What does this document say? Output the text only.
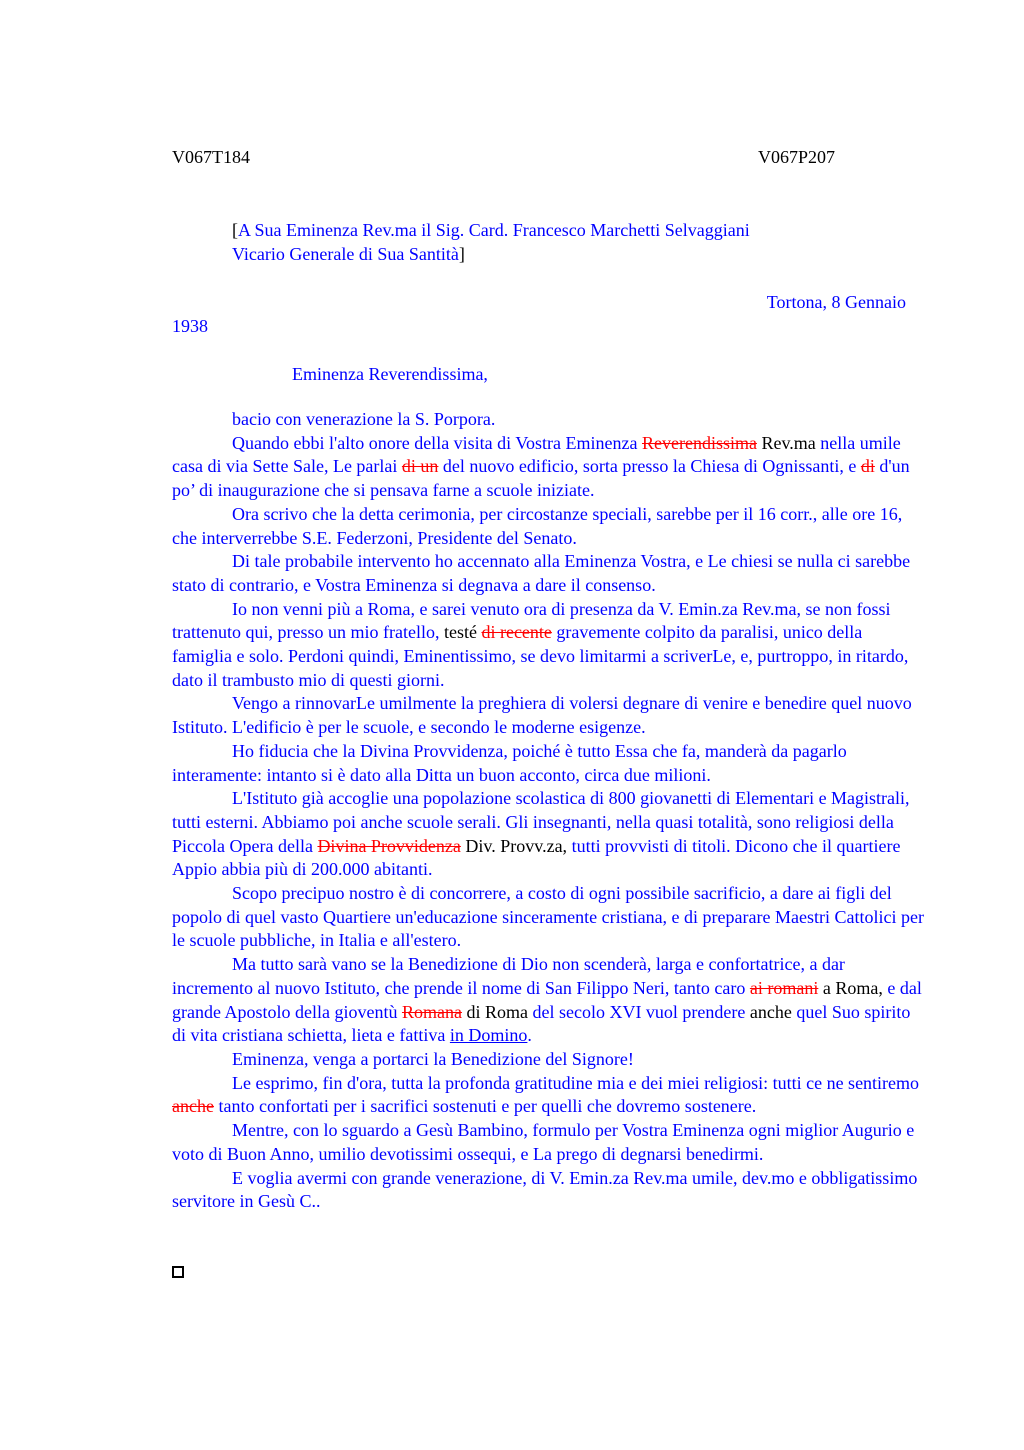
V067T184	V067P207
[A Sua Eminenza Rev.ma il Sig. Card. Francesco Marchetti Selvaggiani
Vicario Generale di Sua Santità]
Tortona, 8 Gennaio
1938
Eminenza Reverendissima,

bacio con venerazione la S. Porpora.

Quando ebbi l'alto onore della visita di Vostra Eminenza Reverendissima Rev.ma nella umile casa di via Sette Sale, Le parlai di un del nuovo edificio, sorta presso la Chiesa di Ognissanti, e di d'un po’ di inaugurazione che si pensava farne a scuole iniziate.

Ora scrivo che la detta cerimonia, per circostanze speciali, sarebbe per il 16 corr., alle ore 16, che interverrebbe S.E. Federzoni, Presidente del Senato.

Di tale probabile intervento ho accennato alla Eminenza Vostra, e Le chiesi se nulla ci sarebbe stato di contrario, e Vostra Eminenza si degnava a dare il consenso.

Io non venni più a Roma, e sarei venuto ora di presenza da V. Emin.za Rev.ma, se non fossi trattenuto qui, presso un mio fratello, testé di recente gravemente colpito da paralisi, unico della famiglia e solo. Perdoni quindi, Eminentissimo, se devo limitarmi a scriverLe, e, purtroppo, in ritardo, dato il trambusto mio di questi giorni.

Vengo a rinnovarLe umilmente la preghiera di volersi degnare di venire e benedire quel nuovo Istituto. L'edificio è per le scuole, e secondo le moderne esigenze.

Ho fiducia che la Divina Provvidenza, poiché è tutto Essa che fa, manderà da pagarlo interamente: intanto si è dato alla Ditta un buon acconto, circa due milioni.

L'Istituto già accoglie una popolazione scolastica di 800 giovanetti di Elementari e Magistrali, tutti esterni. Abbiamo poi anche scuole serali. Gli insegnanti, nella quasi totalità, sono religiosi della Piccola Opera della Divina Provvidenza Div. Provv.za, tutti provvisti di titoli. Dicono che il quartiere Appio abbia più di 200.000 abitanti.

Scopo precipuo nostro è di concorrere, a costo di ogni possibile sacrificio, a dare ai figli del popolo di quel vasto Quartiere un'educazione sinceramente cristiana, e di preparare Maestri Cattolici per le scuole pubbliche, in Italia e all'estero.

Ma tutto sarà vano se la Benedizione di Dio non scenderà, larga e confortatrice, a dar incremento al nuovo Istituto, che prende il nome di San Filippo Neri, tanto caro ai romani a Roma, e dal grande Apostolo della gioventù Romana di Roma del secolo XVI vuol prendere anche quel Suo spirito di vita cristiana schietta, lieta e fattiva in Domino.

Eminenza, venga a portarci la Benedizione del Signore!

Le esprimo, fin d'ora, tutta la profonda gratitudine mia e dei miei religiosi: tutti ce ne sentiremo anche tanto confortati per i sacrifici sostenuti e per quelli che dovremo sostenere.

Mentre, con lo sguardo a Gesù Bambino, formulo per Vostra Eminenza ogni miglior Augurio e voto di Buon Anno, umilio devotissimi ossequi, e La prego di degnarsi benedirmi.

E voglia avermi con grande venerazione, di V. Emin.za Rev.ma umile, dev.mo e obbligatissimo servitore in Gesù C..
